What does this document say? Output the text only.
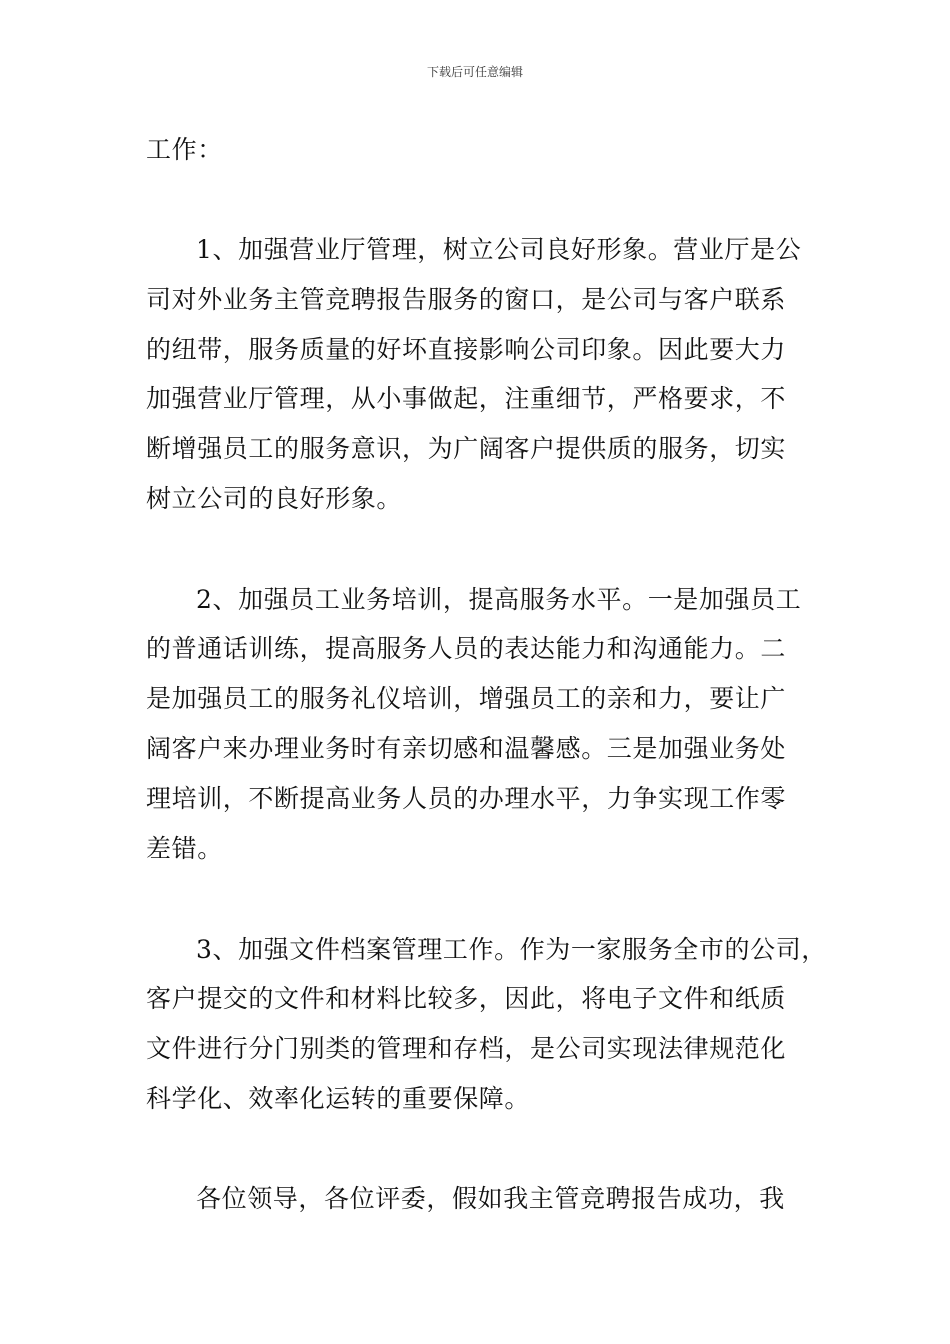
下载后可任意编辑
工作：
1、加强营业厅管理，树立公司良好形象。营业厅是公
司对外业务主管竞聘报告服务的窗口，是公司与客户联系
的纽带，服务质量的好坏直接影响公司印象。因此要大力
加强营业厅管理，从小事做起，注重细节，严格要求，不
断增强员工的服务意识，为广阔客户提供质的服务，切实
树立公司的良好形象。
2、加强员工业务培训，提高服务水平。一是加强员工
的普通话训练，提高服务人员的表达能力和沟通能力。二
是加强员工的服务礼仪培训，增强员工的亲和力，要让广
阔客户来办理业务时有亲切感和温馨感。三是加强业务处
理培训，不断提高业务人员的办理水平，力争实现工作零
差错。
3、加强文件档案管理工作。作为一家服务全市的公司，
客户提交的文件和材料比较多，因此，将电子文件和纸质
文件进行分门别类的管理和存档，是公司实现法律规范化
科学化、效率化运转的重要保障。
各位领导，各位评委，假如我主管竞聘报告成功，我
